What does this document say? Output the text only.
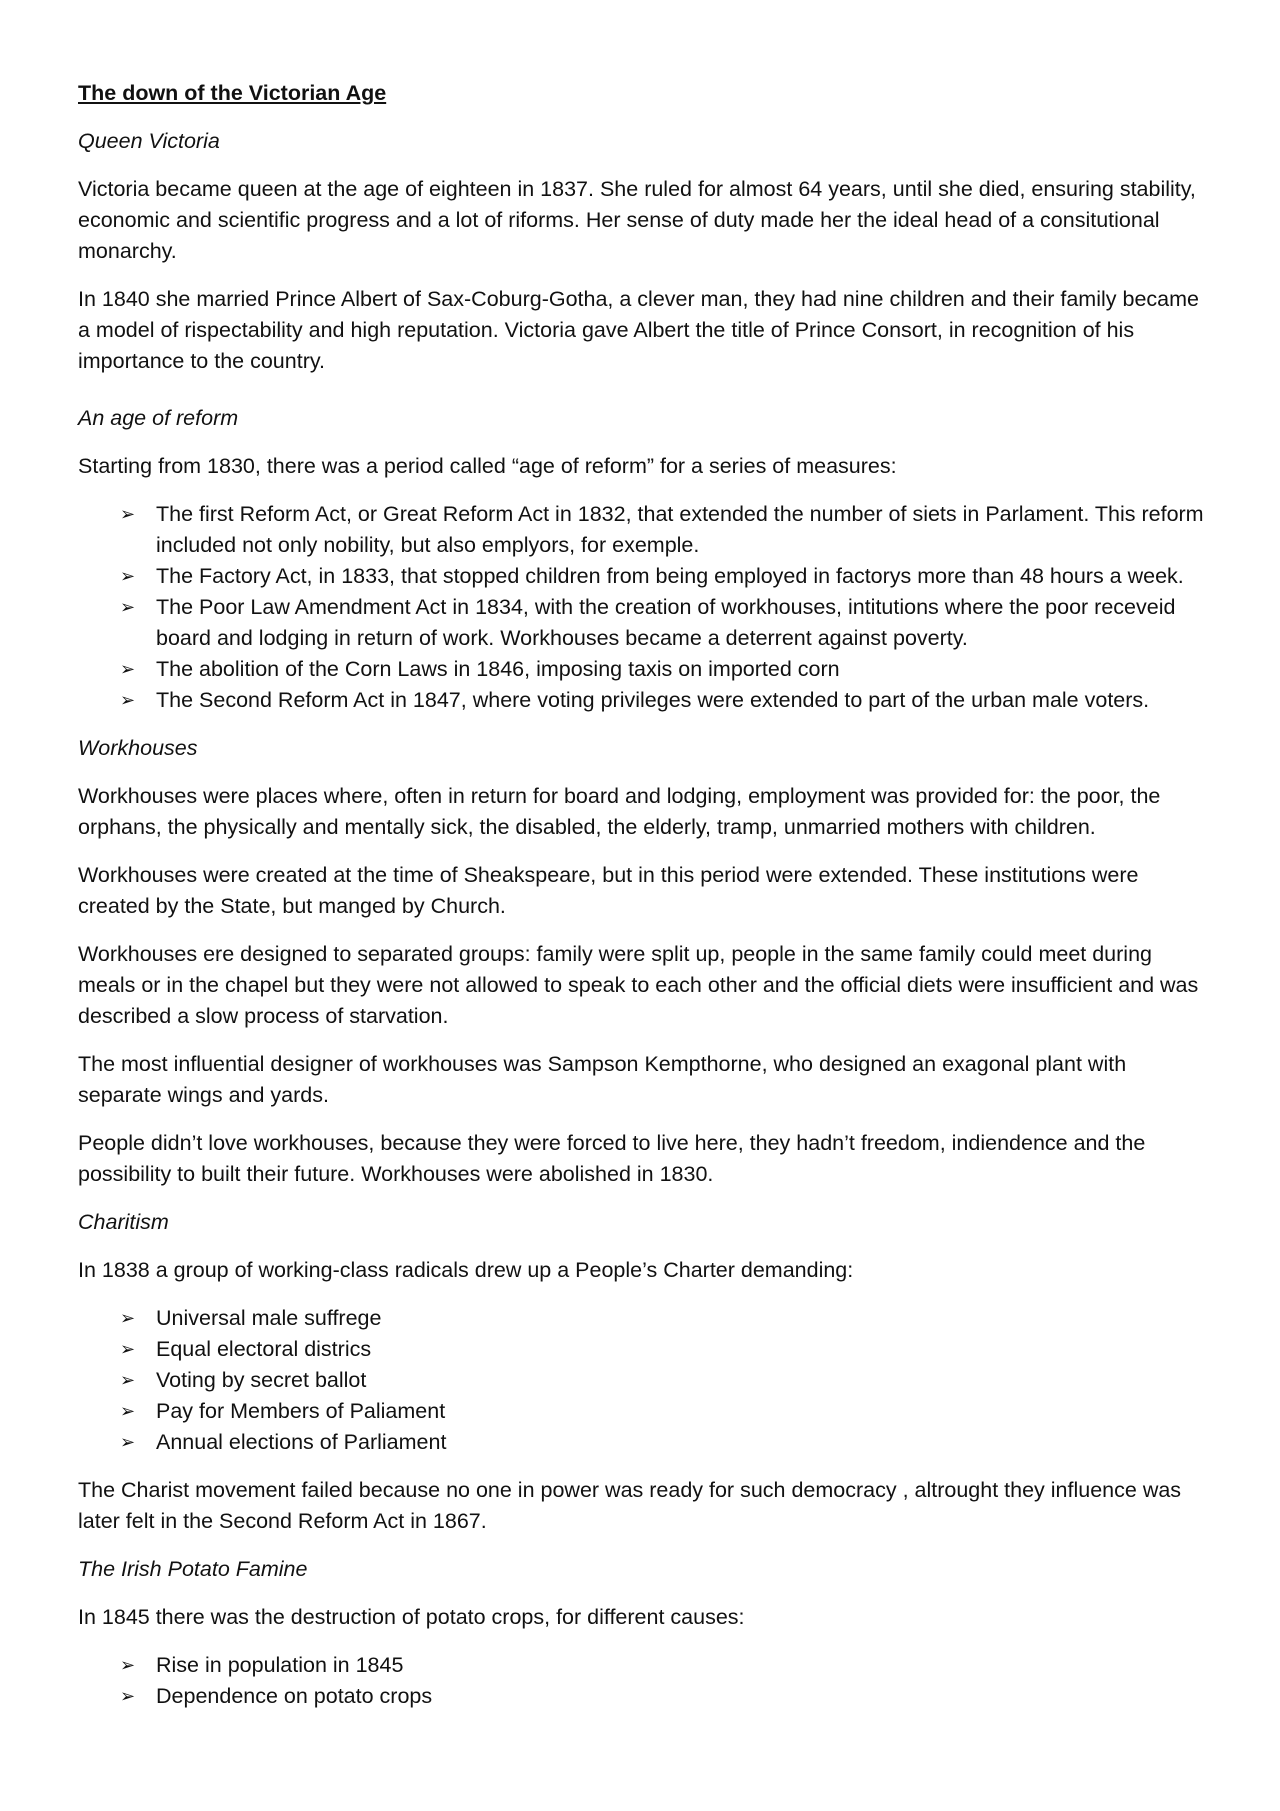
The down of the Victorian Age
Queen Victoria
Victoria became queen at the age of eighteen in 1837. She ruled for almost 64 years, until she died, ensuring stability, economic and scientific progress and a lot of riforms. Her sense of duty made her the ideal head of a consitutional monarchy.
In 1840 she married Prince Albert of Sax-Coburg-Gotha, a clever man, they had nine children and their family became a model of rispectability and high reputation. Victoria gave Albert the title of Prince Consort, in recognition of his importance to the country.
An age of reform
Starting from 1830, there was a period called “age of reform” for a series of measures:
➢ The first Reform Act, or Great Reform Act in 1832, that extended the number of siets in Parlament. This reform included not only nobility, but also emplyors, for exemple.
➢ The Factory Act, in 1833, that stopped children from being employed in factorys more than 48 hours a week.
➢ The Poor Law Amendment Act in 1834, with the creation of workhouses, intitutions where the poor receveid board and lodging in return of work. Workhouses became a deterrent against poverty.
➢ The abolition of the Corn Laws in 1846, imposing taxis on imported corn
➢ The Second Reform Act in 1847, where voting privileges were extended to part of the urban male voters.
Workhouses
Workhouses were places where, often in return for board and lodging, employment was provided for: the poor, the orphans, the physically and mentally sick, the disabled, the elderly, tramp, unmarried mothers with children.
Workhouses were created at the time of Sheakspeare, but in this period were extended. These institutions were created by the State, but manged by Church.
Workhouses ere designed to separated groups: family were split up, people in the same family could meet during meals or in the chapel but they were not allowed to speak to each other and the official diets were insufficient and was described a slow process of starvation.
The most influential designer of workhouses was Sampson Kempthorne, who designed an exagonal plant with separate wings and yards.
People didn’t love workhouses, because they were forced to live here, they hadn’t freedom, indiendence and the possibility to built their future. Workhouses were abolished in 1830.
Charitism
In 1838 a group of working-class radicals drew up a People’s Charter demanding:
➢ Universal male suffrege
➢ Equal electoral districs
➢ Voting by secret ballot
➢ Pay for Members of Paliament
➢ Annual elections of Parliament
The Charist movement failed because no one in power was ready for such democracy , altrought they influence was later felt in the Second Reform Act in 1867.
The Irish Potato Famine
In 1845 there was the destruction of potato crops, for different causes:
➢ Rise in population in 1845
➢ Dependence on potato crops
